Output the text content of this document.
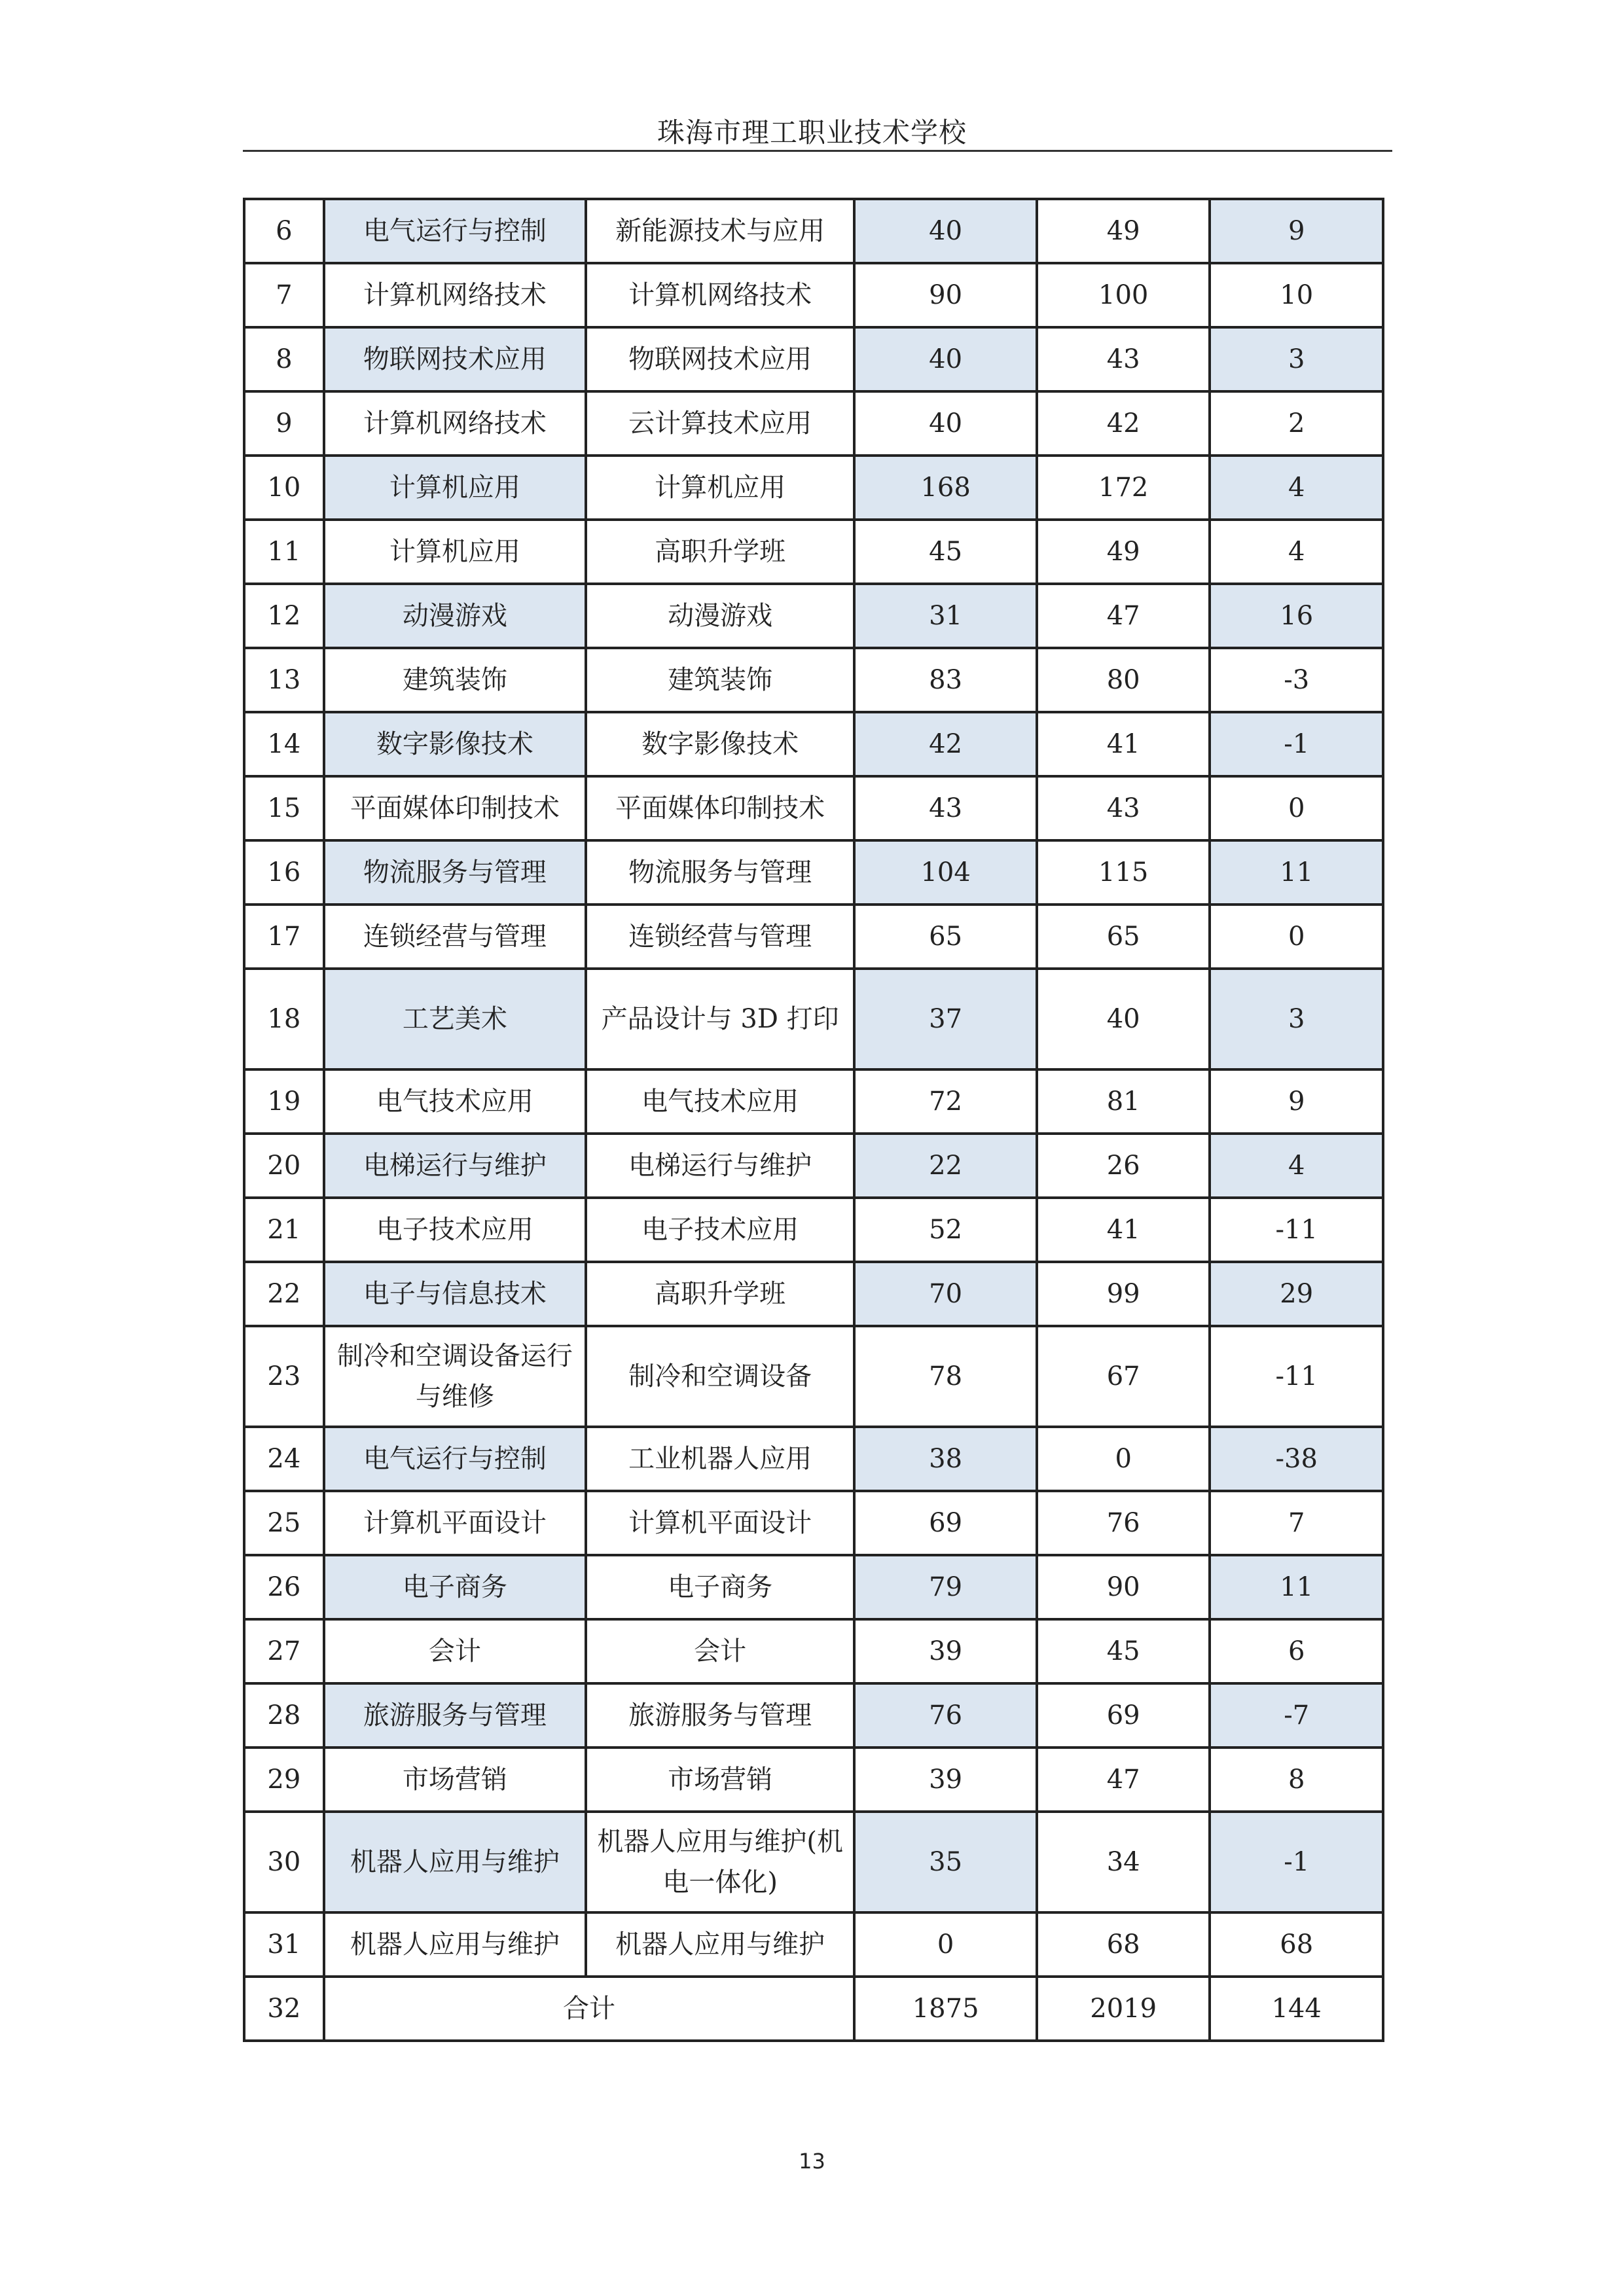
珠海市理工职业技术学校
6	电气运行与控制	新能源技术与应用	40	49	9
7	计算机网络技术	计算机网络技术	90	100	10
8	物联网技术应用	物联网技术应用	40	43	3
9	计算机网络技术	云计算技术应用	40	42	2
10	计算机应用	计算机应用	168	172	4
11	计算机应用	高职升学班	45	49	4
12	动漫游戏	动漫游戏	31	47	16
13	建筑装饰	建筑装饰	83	80	-3
14	数字影像技术	数字影像技术	42	41	-1
15	平面媒体印制技术	平面媒体印制技术	43	43	0
16	物流服务与管理	物流服务与管理	104	115	11
17	连锁经营与管理	连锁经营与管理	65	65	0
18	工艺美术	产品设计与 3D 打印	37	40	3
19	电气技术应用	电气技术应用	72	81	9
20	电梯运行与维护	电梯运行与维护	22	26	4
21	电子技术应用	电子技术应用	52	41	-11
22	电子与信息技术	高职升学班	70	99	29
23	制冷和空调设备运行与维修	制冷和空调设备	78	67	-11
24	电气运行与控制	工业机器人应用	38	0	-38
25	计算机平面设计	计算机平面设计	69	76	7
26	电子商务	电子商务	79	90	11
27	会计	会计	39	45	6
28	旅游服务与管理	旅游服务与管理	76	69	-7
29	市场营销	市场营销	39	47	8
30	机器人应用与维护	机器人应用与维护(机电一体化)	35	34	-1
31	机器人应用与维护	机器人应用与维护	0	68	68
32	合计		1875	2019	144
13
